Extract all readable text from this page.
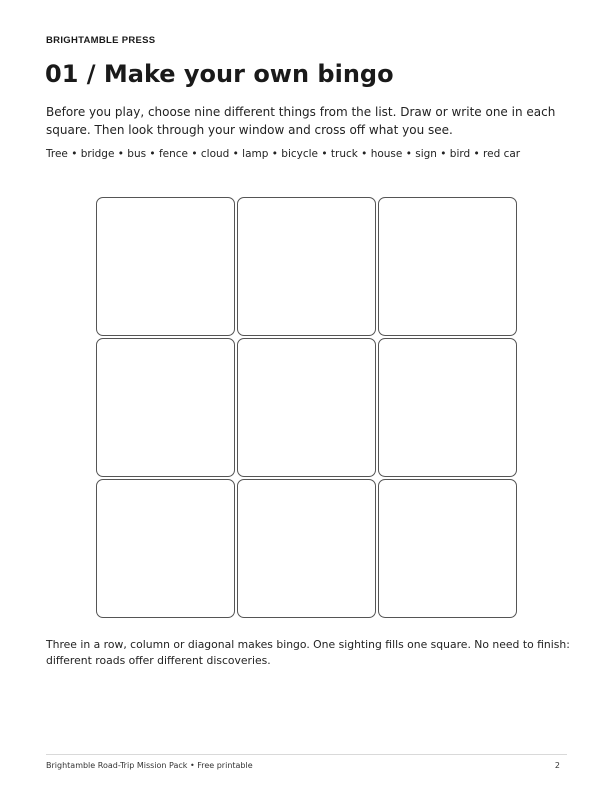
BRIGHTAMBLE PRESS
01 / Make your own bingo

Before you play, choose nine different things from the list. Draw or write one in each square. Then look through your window and cross off what you see.

Tree • bridge • bus • fence • cloud • lamp • bicycle • truck • house • sign • bird • red car

Three in a row, column or diagonal makes bingo. One sighting fills one square. No need to finish: different roads offer different discoveries.

Brightamble Road-Trip Mission Pack • Free printable	2
